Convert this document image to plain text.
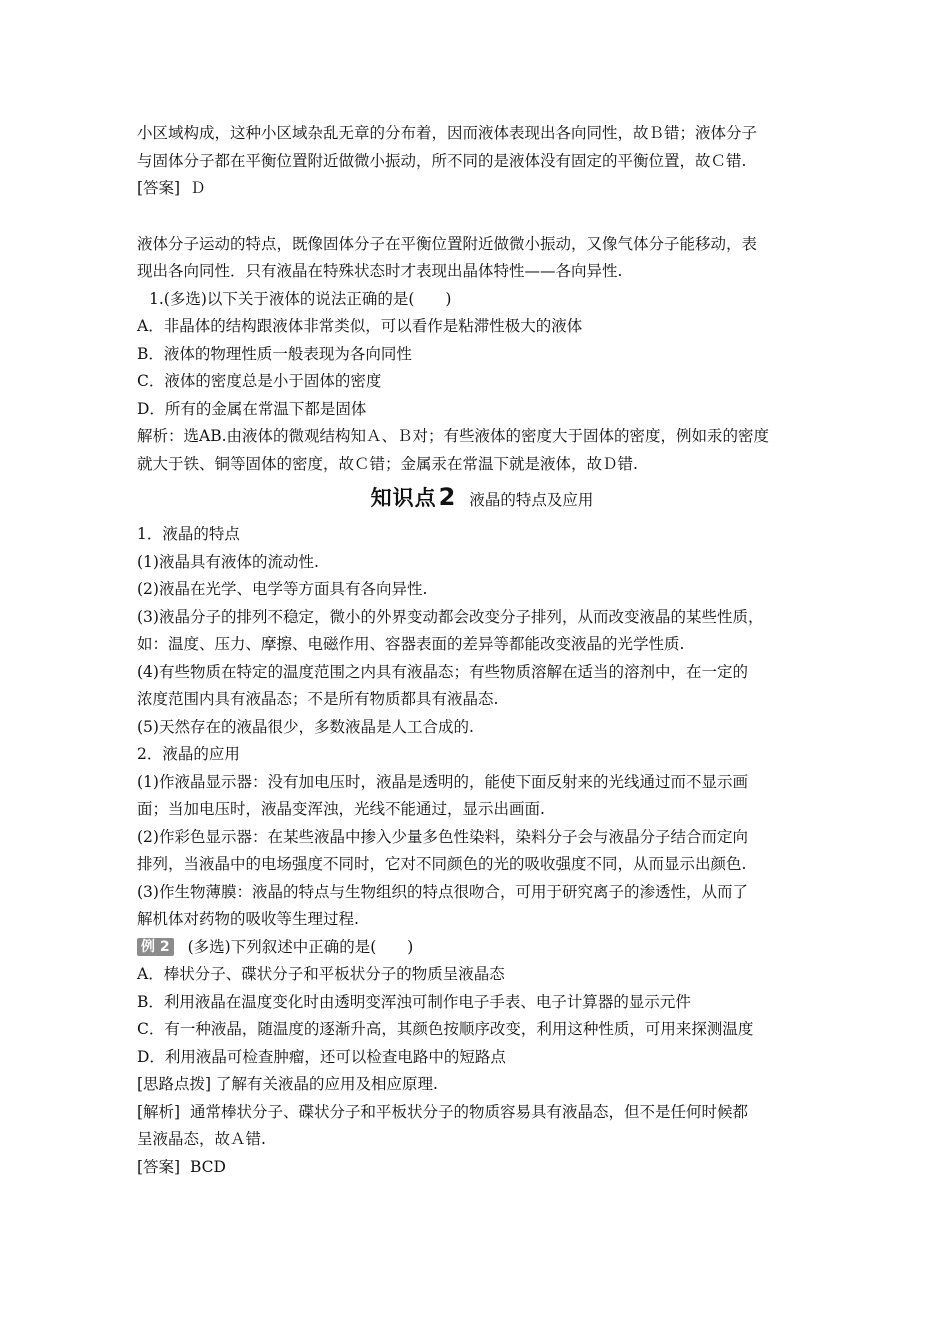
小区域构成，这种小区域杂乱无章的分布着，因而液体表现出各向同性，故Ｂ错；液体分子
与固体分子都在平衡位置附近做微小振动，所不同的是液体没有固定的平衡位置，故Ｃ错.
[答案] Ｄ
液体分子运动的特点，既像固体分子在平衡位置附近做微小振动，又像气体分子能移动，表
现出各向同性．只有液晶在特殊状态时才表现出晶体特性——各向异性.
1.(多选)以下关于液体的说法正确的是(　　)
A．非晶体的结构跟液体非常类似，可以看作是粘滞性极大的液体
B．液体的物理性质一般表现为各向同性
C．液体的密度总是小于固体的密度
D．所有的金属在常温下都是固体
解析：选AB.由液体的微观结构知Ａ、Ｂ对；有些液体的密度大于固体的密度，例如汞的密度
就大于铁、铜等固体的密度，故Ｃ错；金属汞在常温下就是液体，故Ｄ错.
知识点2 液晶的特点及应用
1．液晶的特点
(1)液晶具有液体的流动性.
(2)液晶在光学、电学等方面具有各向异性.
(3)液晶分子的排列不稳定，微小的外界变动都会改变分子排列，从而改变液晶的某些性质，
如：温度、压力、摩擦、电磁作用、容器表面的差异等都能改变液晶的光学性质.
(4)有些物质在特定的温度范围之内具有液晶态；有些物质溶解在适当的溶剂中，在一定的
浓度范围内具有液晶态；不是所有物质都具有液晶态.
(5)天然存在的液晶很少，多数液晶是人工合成的.
2．液晶的应用
(1)作液晶显示器：没有加电压时，液晶是透明的，能使下面反射来的光线通过而不显示画
面；当加电压时，液晶变浑浊，光线不能通过，显示出画面.
(2)作彩色显示器：在某些液晶中掺入少量多色性染料，染料分子会与液晶分子结合而定向
排列，当液晶中的电场强度不同时，它对不同颜色的光的吸收强度不同，从而显示出颜色.
(3)作生物薄膜：液晶的特点与生物组织的特点很吻合，可用于研究离子的渗透性，从而了
解机体对药物的吸收等生理过程.
例 2 (多选)下列叙述中正确的是(　　)
A．棒状分子、碟状分子和平板状分子的物质呈液晶态
B．利用液晶在温度变化时由透明变浑浊可制作电子手表、电子计算器的显示元件
C．有一种液晶，随温度的逐渐升高，其颜色按顺序改变，利用这种性质，可用来探测温度
D．利用液晶可检查肿瘤，还可以检查电路中的短路点
[思路点拨] 了解有关液晶的应用及相应原理.
[解析] 通常棒状分子、碟状分子和平板状分子的物质容易具有液晶态，但不是任何时候都
呈液晶态，故Ａ错.
[答案] BCD
